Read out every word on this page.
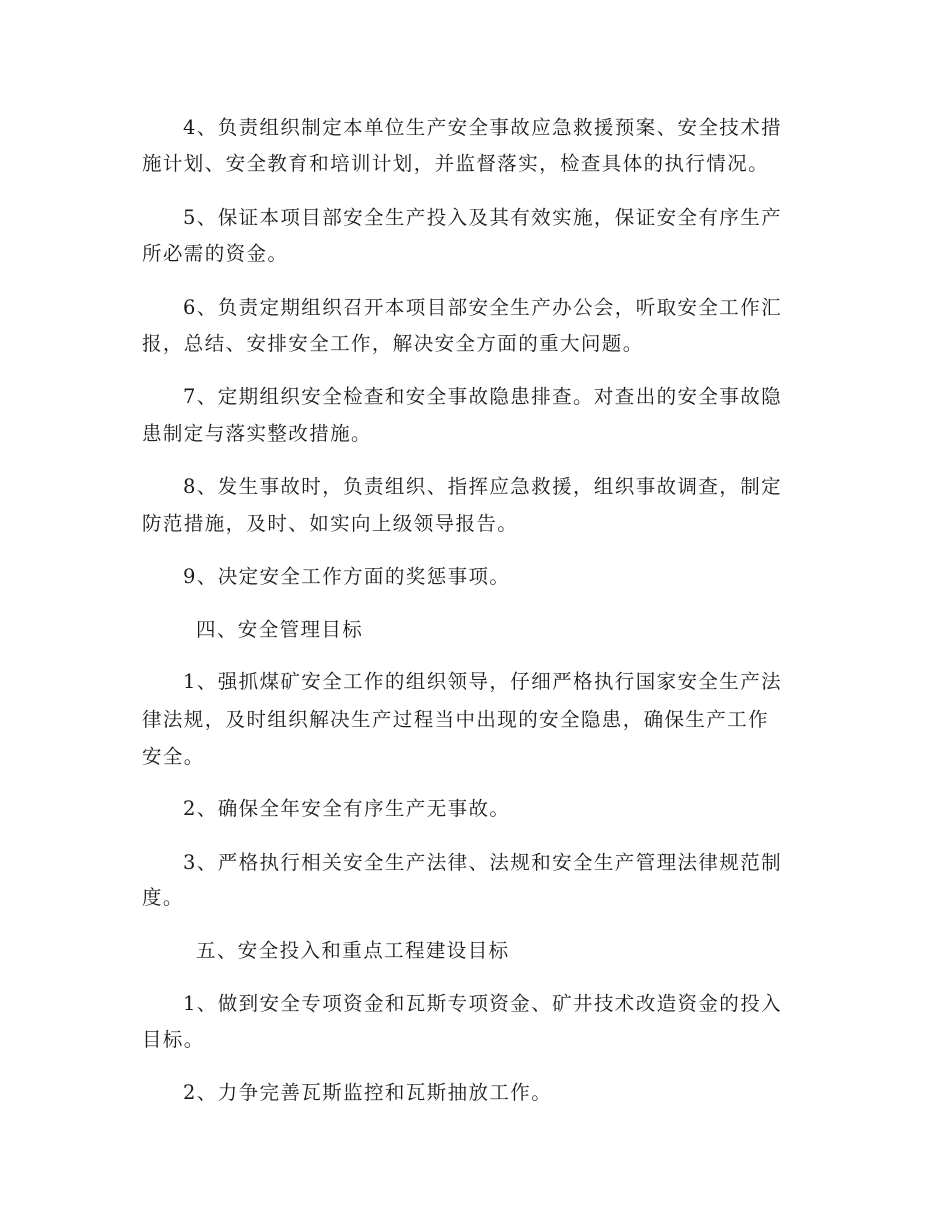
4、负责组织制定本单位生产安全事故应急救援预案、安全技术措
施计划、安全教育和培训计划，并监督落实，检查具体的执行情况。
5、保证本项目部安全生产投入及其有效实施，保证安全有序生产
所必需的资金。
6、负责定期组织召开本项目部安全生产办公会，听取安全工作汇
报，总结、安排安全工作，解决安全方面的重大问题。
7、定期组织安全检查和安全事故隐患排查。对查出的安全事故隐
患制定与落实整改措施。
8、发生事故时，负责组织、指挥应急救援，组织事故调查，制定
防范措施，及时、如实向上级领导报告。
9、决定安全工作方面的奖惩事项。
四、安全管理目标
1、强抓煤矿安全工作的组织领导，仔细严格执行国家安全生产法
律法规，及时组织解决生产过程当中出现的安全隐患，确保生产工作
安全。
2、确保全年安全有序生产无事故。
3、严格执行相关安全生产法律、法规和安全生产管理法律规范制
度。
五、安全投入和重点工程建设目标
1、做到安全专项资金和瓦斯专项资金、矿井技术改造资金的投入
目标。
2、力争完善瓦斯监控和瓦斯抽放工作。
